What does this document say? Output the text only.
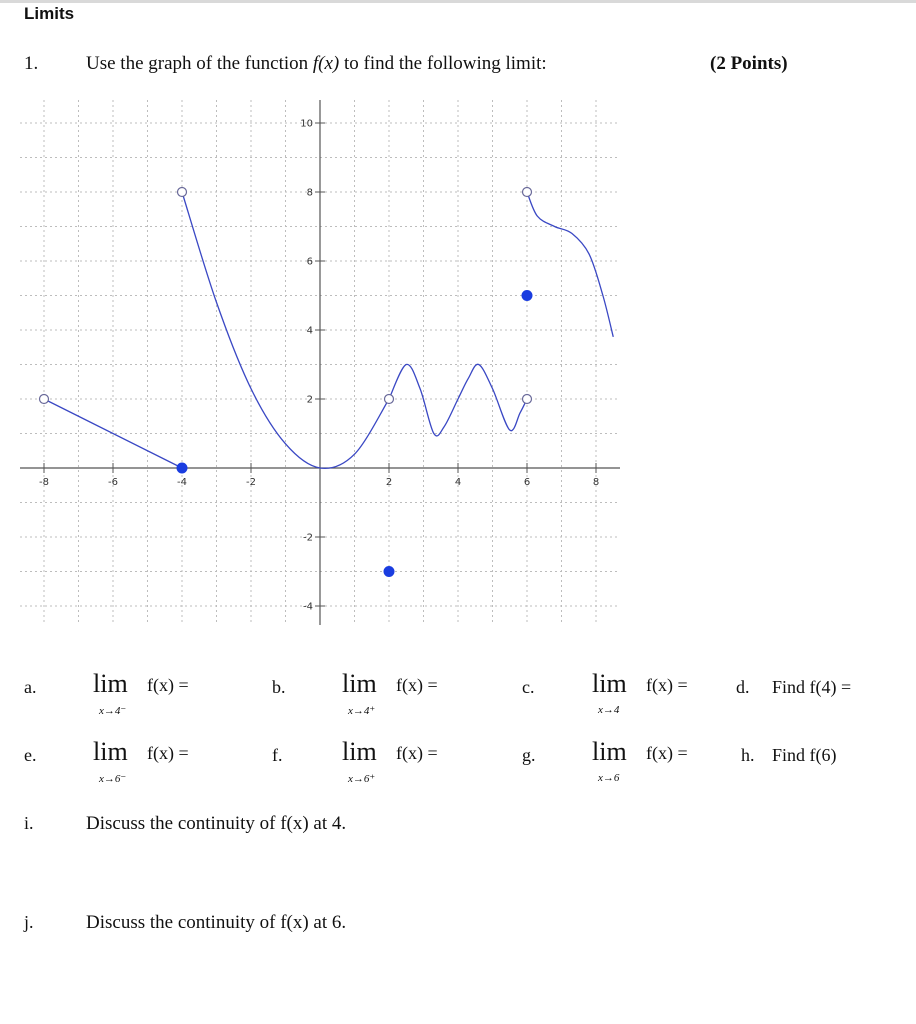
Limits
1.	Use the graph of the function f(x) to find the following limit:	(2 Points)
-8	-6	-4	-2	2	4	6	8
10
8
6
4
2
-2
-4
a. lim f(x) =
x→4⁻
b. lim f(x) =
x→4⁺
c. lim f(x) =
x→4
d. Find f(4) =
e. lim f(x) =
x→6⁻
f. lim f(x) =
x→6⁺
g. lim f(x) =
x→6
h. Find f(6)
i.	Discuss the continuity of f(x) at 4.
j.	Discuss the continuity of f(x) at 6.
